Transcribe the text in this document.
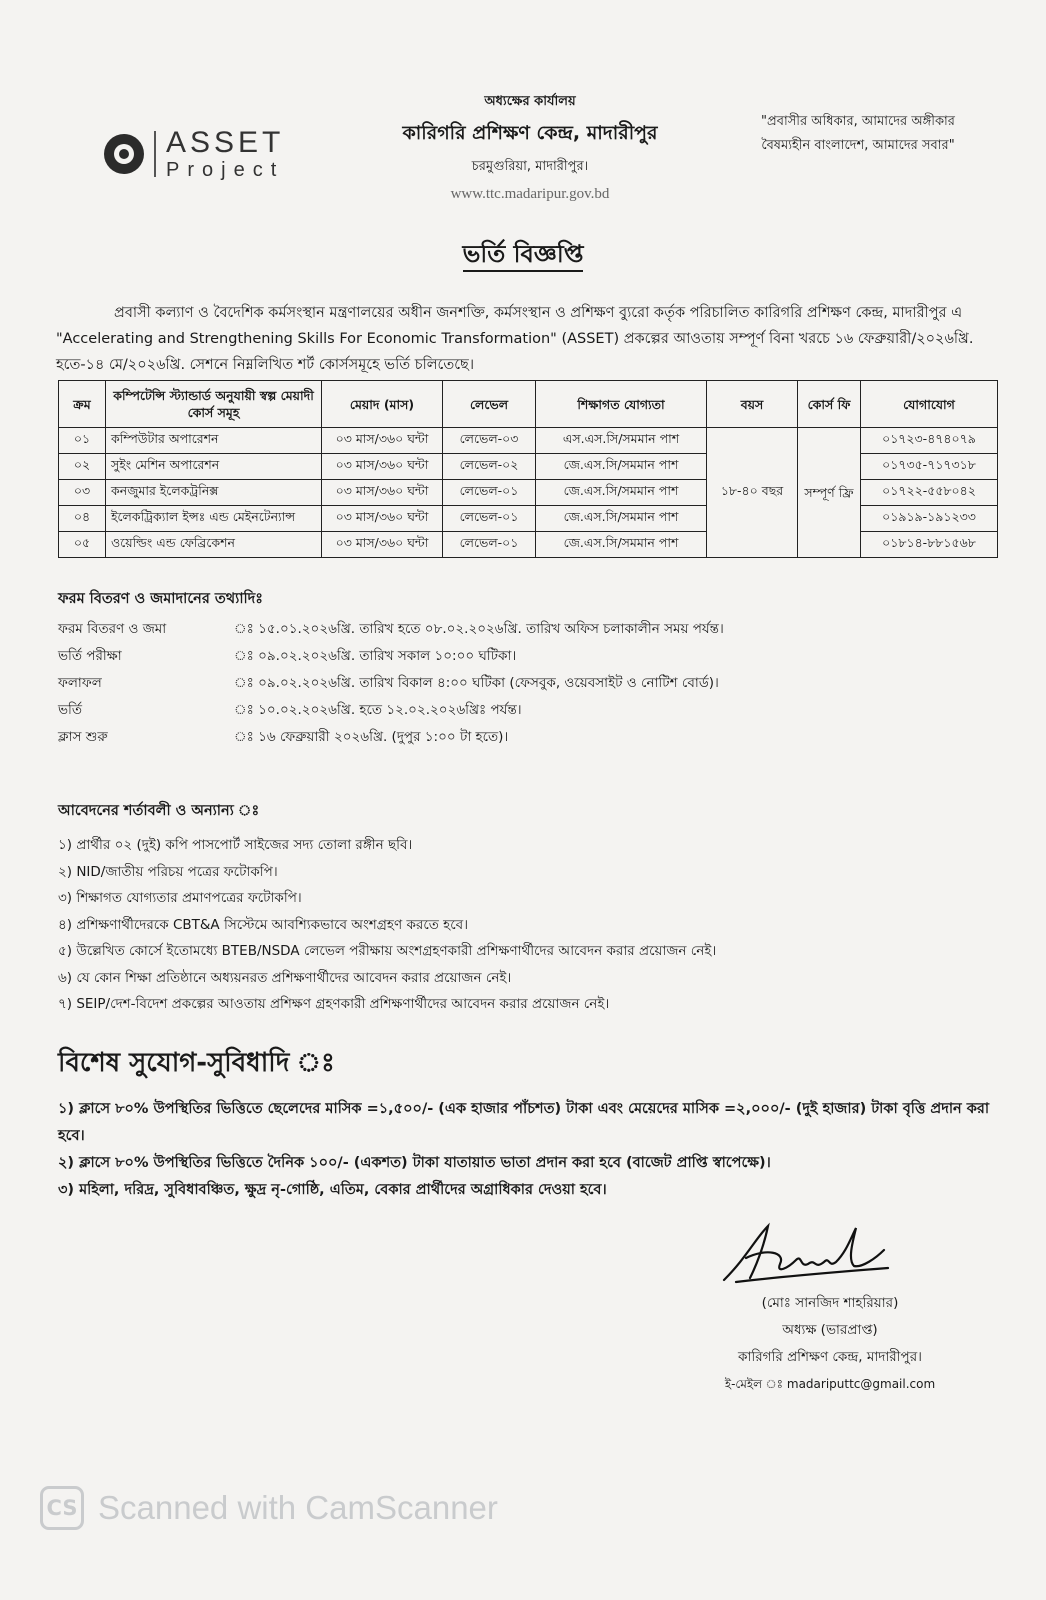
ASSET
Project
অধ্যক্ষের কার্যালয়
কারিগরি প্রশিক্ষণ কেন্দ্র, মাদারীপুর
চরমুগুরিয়া, মাদারীপুর।
www.ttc.madaripur.gov.bd
"প্রবাসীর অধিকার, আমাদের অঙ্গীকার
বৈষম্যহীন বাংলাদেশ, আমাদের সবার"
ভর্তি বিজ্ঞপ্তি
প্রবাসী কল্যাণ ও বৈদেশিক কর্মসংস্থান মন্ত্রণালয়ের অধীন জনশক্তি, কর্মসংস্থান ও প্রশিক্ষণ ব্যুরো কর্তৃক পরিচালিত কারিগরি প্রশিক্ষণ কেন্দ্র, মাদারীপুর এ "Accelerating and Strengthening Skills For Economic Transformation" (ASSET) প্রকল্পের আওতায় সম্পূর্ণ বিনা খরচে ১৬ ফেব্রুয়ারী/২০২৬খ্রি. হতে-১৪ মে/২০২৬খ্রি. সেশনে নিম্নলিখিত শর্ট কোর্সসমূহে ভর্তি চলিতেছে।
ক্রম	কম্পিটেন্সি স্ট্যান্ডার্ড অনুযায়ী স্বল্প মেয়াদী কোর্স সমূহ	মেয়াদ (মাস)	লেভেল	শিক্ষাগত যোগ্যতা	বয়স	কোর্স ফি	যোগাযোগ
০১	কম্পিউটার অপারেশন	০৩ মাস/৩৬০ ঘন্টা	লেভেল-০৩	এস.এস.সি/সমমান পাশ	১৮-৪০ বছর	সম্পূর্ণ ফ্রি	০১৭২৩-৪৭৪০৭৯
০২	সুইং মেশিন অপারেশন	০৩ মাস/৩৬০ ঘন্টা	লেভেল-০২	জে.এস.সি/সমমান পাশ			০১৭৩৫-৭১৭৩১৮
০৩	কনজুমার ইলেকট্রনিক্স	০৩ মাস/৩৬০ ঘন্টা	লেভেল-০১	জে.এস.সি/সমমান পাশ			০১৭২২-৫৫৮০৪২
০৪	ইলেকট্রিক্যাল ইন্সঃ এন্ড মেইনটেন্যান্স	০৩ মাস/৩৬০ ঘন্টা	লেভেল-০১	জে.এস.সি/সমমান পাশ			০১৯১৯-১৯১২৩৩
০৫	ওয়েল্ডিং এন্ড ফেব্রিকেশন	০৩ মাস/৩৬০ ঘন্টা	লেভেল-০১	জে.এস.সি/সমমান পাশ			০১৮১৪-৮৮১৫৬৮
ফরম বিতরণ ও জমাদানের তথ্যাদিঃ
ফরম বিতরণ ও জমা	ঃ ১৫.০১.২০২৬খ্রি. তারিখ হতে ০৮.০২.২০২৬খ্রি. তারিখ অফিস চলাকালীন সময় পর্যন্ত।
ভর্তি পরীক্ষা	ঃ ০৯.০২.২০২৬খ্রি. তারিখ সকাল ১০:০০ ঘটিকা।
ফলাফল	ঃ ০৯.০২.২০২৬খ্রি. তারিখ বিকাল ৪:০০ ঘটিকা (ফেসবুক, ওয়েবসাইট ও নোটিশ বোর্ড)।
ভর্তি	ঃ ১০.০২.২০২৬খ্রি. হতে ১২.০২.২০২৬খ্রিঃ পর্যন্ত।
ক্লাস শুরু	ঃ ১৬ ফেব্রুয়ারী ২০২৬খ্রি. (দুপুর ১:০০ টা হতে)।
আবেদনের শর্তাবলী ও অন্যান্য ঃ
১) প্রার্থীর ০২ (দুই) কপি পাসপোর্ট সাইজের সদ্য তোলা রঙ্গীন ছবি।
২) NID/জাতীয় পরিচয় পত্রের ফটোকপি।
৩) শিক্ষাগত যোগ্যতার প্রমাণপত্রের ফটোকপি।
৪) প্রশিক্ষণার্থীদেরকে CBT&A সিস্টেমে আবশ্যিকভাবে অংশগ্রহণ করতে হবে।
৫) উল্লেখিত কোর্সে ইতোমধ্যে BTEB/NSDA লেভেল পরীক্ষায় অংশগ্রহণকারী প্রশিক্ষণার্থীদের আবেদন করার প্রয়োজন নেই।
৬) যে কোন শিক্ষা প্রতিষ্ঠানে অধ্যয়নরত প্রশিক্ষণার্থীদের আবেদন করার প্রয়োজন নেই।
৭) SEIP/দেশ-বিদেশ প্রকল্পের আওতায় প্রশিক্ষণ গ্রহণকারী প্রশিক্ষণার্থীদের আবেদন করার প্রয়োজন নেই।
বিশেষ সুযোগ-সুবিধাদি ঃ
১) ক্লাসে ৮০% উপস্থিতির ভিত্তিতে ছেলেদের মাসিক =১,৫০০/- (এক হাজার পাঁচশত) টাকা এবং মেয়েদের মাসিক =২,০০০/- (দুই হাজার) টাকা বৃত্তি প্রদান করা হবে।
২) ক্লাসে ৮০% উপস্থিতির ভিত্তিতে দৈনিক ১০০/- (একশত) টাকা যাতায়াত ভাতা প্রদান করা হবে (বাজেট প্রাপ্তি স্বাপেক্ষে)।
৩) মহিলা, দরিদ্র, সুবিধাবঞ্চিত, ক্ষুদ্র নৃ-গোষ্ঠি, এতিম, বেকার প্রার্থীদের অগ্রাধিকার দেওয়া হবে।
(মোঃ সানজিদ শাহরিয়ার)
অধ্যক্ষ (ভারপ্রাপ্ত)
কারিগরি প্রশিক্ষণ কেন্দ্র, মাদারীপুর।
ই-মেইল ঃ madariputtc@gmail.com
CS Scanned with CamScanner
